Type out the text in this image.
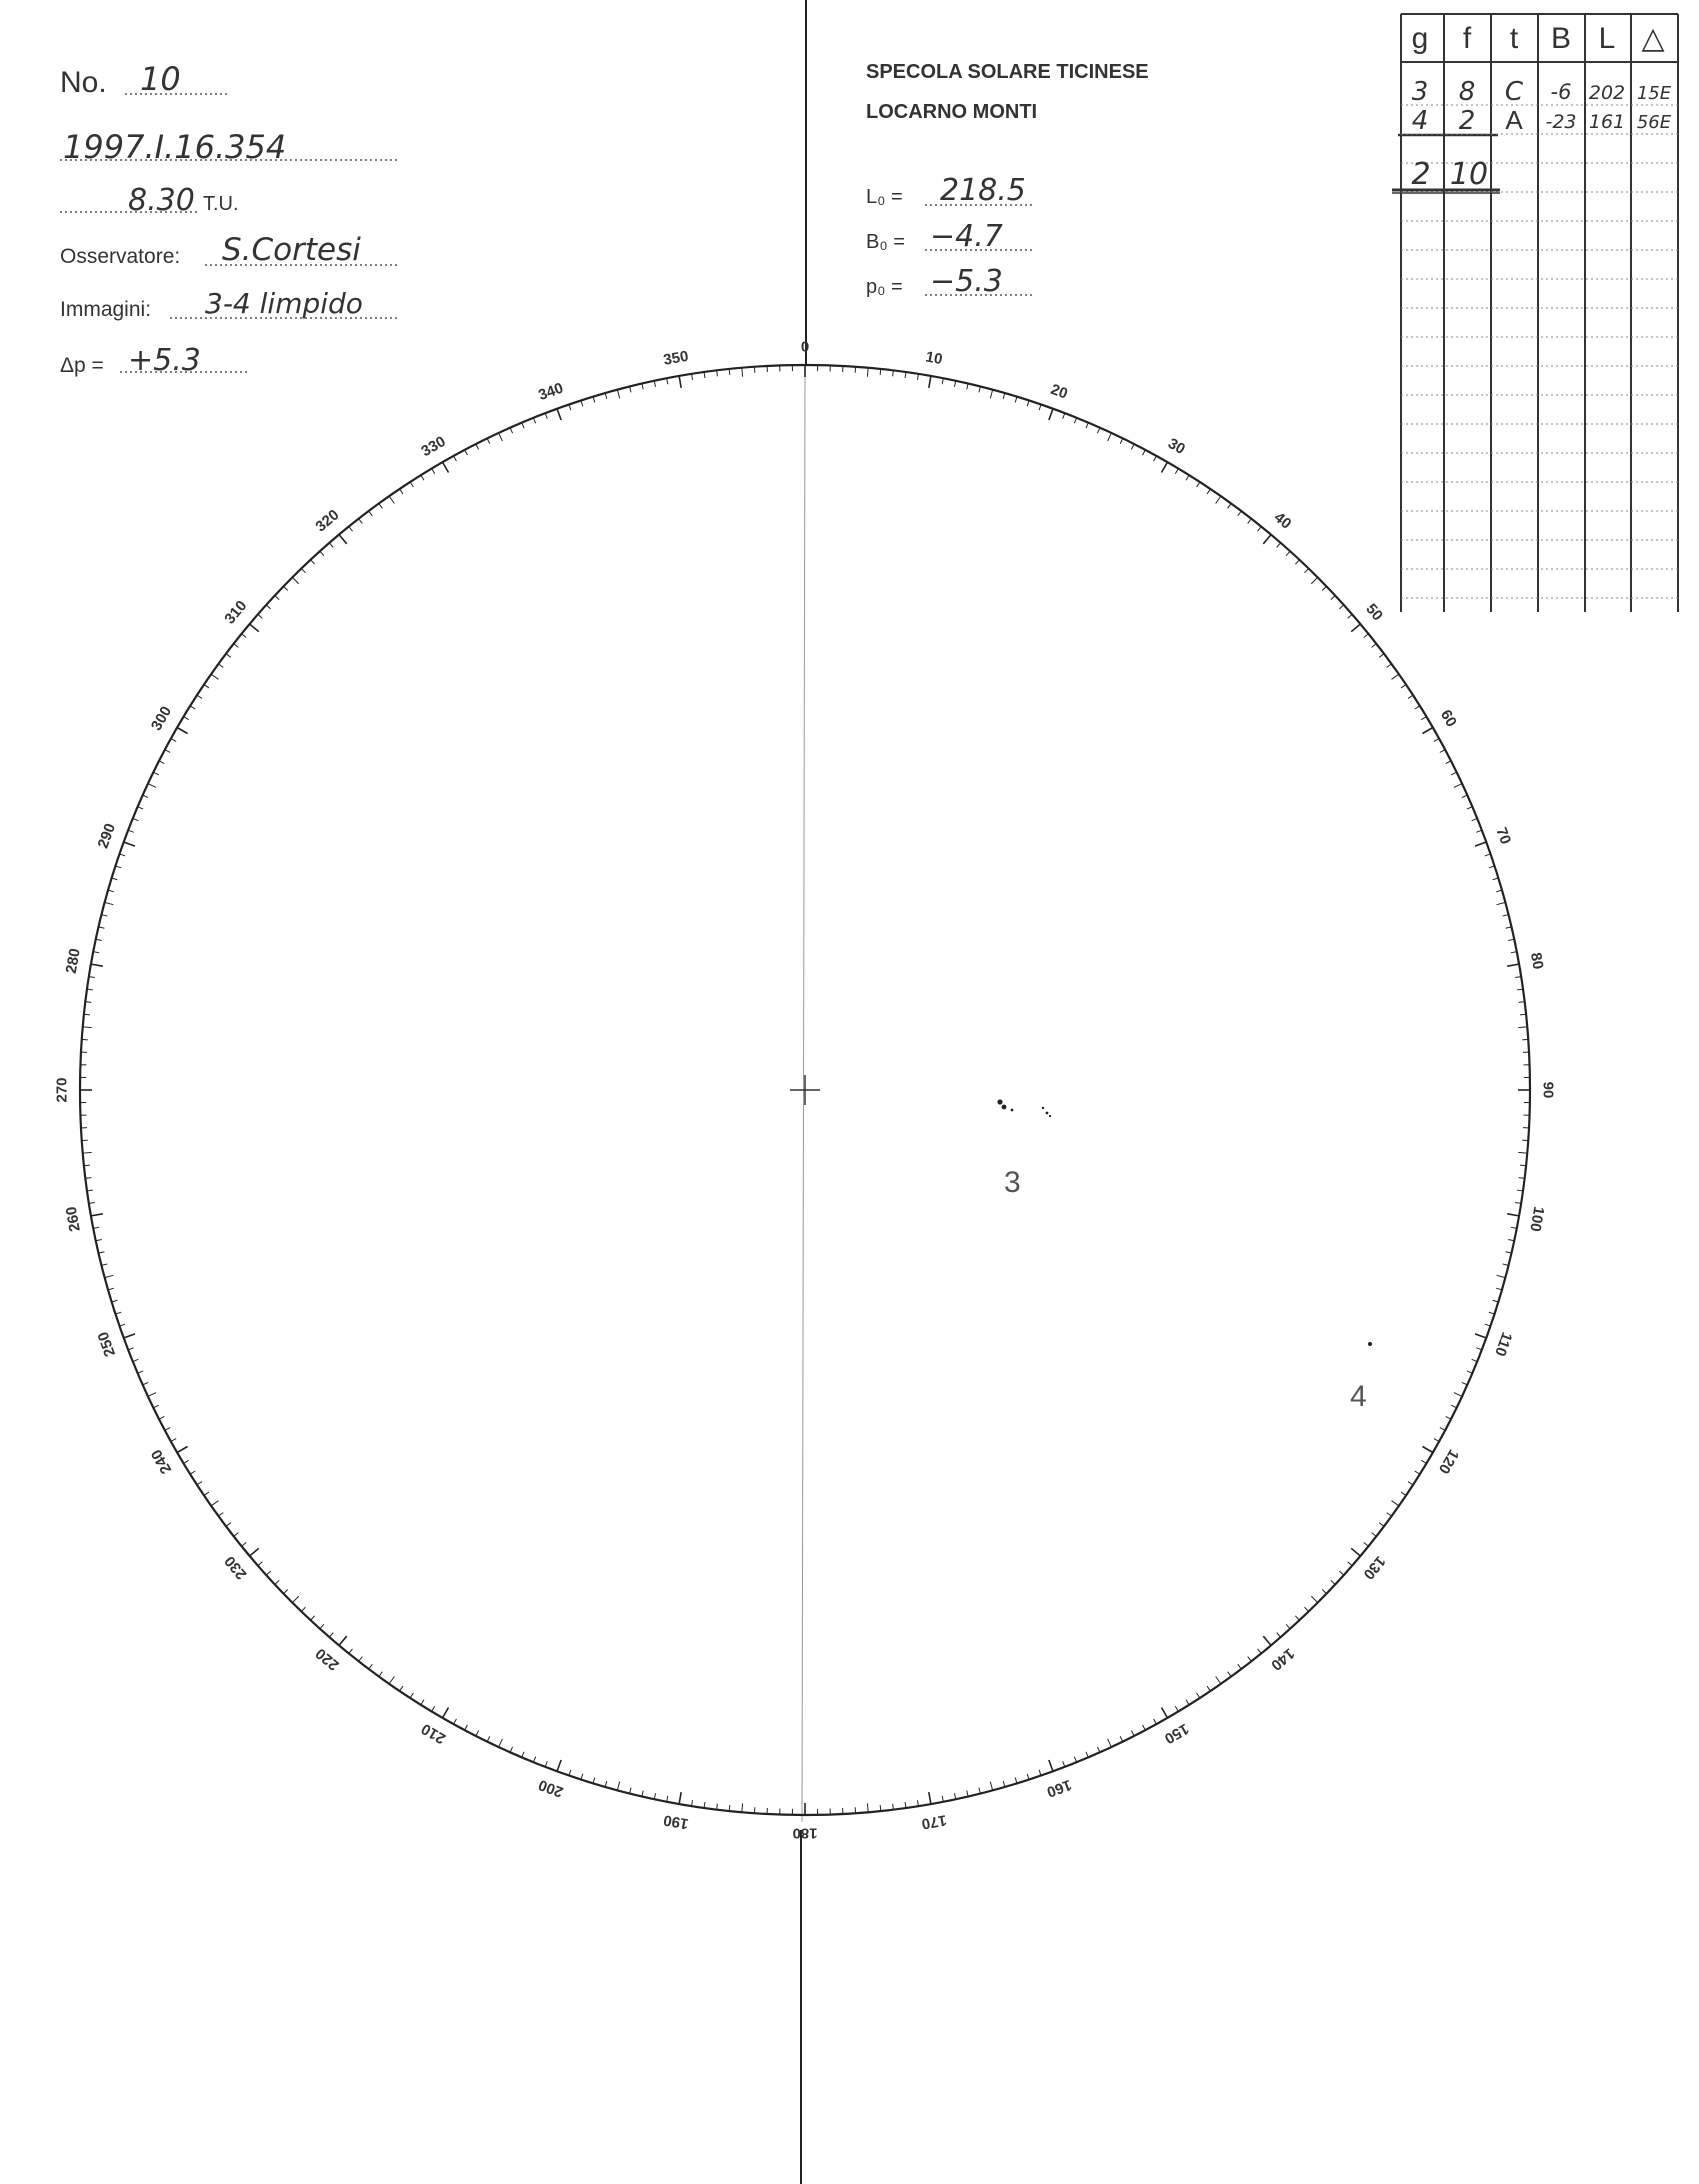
No. 10
1997.I.16.354
8.30 T.U.
Osservatore: S.Cortesi
Immagini: 3-4 limpido
Δp = +5.3
SPECOLA SOLARE TICINESE
LOCARNO MONTI
L₀ = 218.5
B₀ = −4.7
p₀ = −5.3
g f t B L △
3 8 C -6 202 15E
4 2 A -23 161 56E
2 10
0
10
20
30
40
50
60
70
80
90
100
110
120
130
140
150
160
170
180
190
200
210
220
230
240
250
260
270
280
290
300
310
320
330
340
350
3
4
